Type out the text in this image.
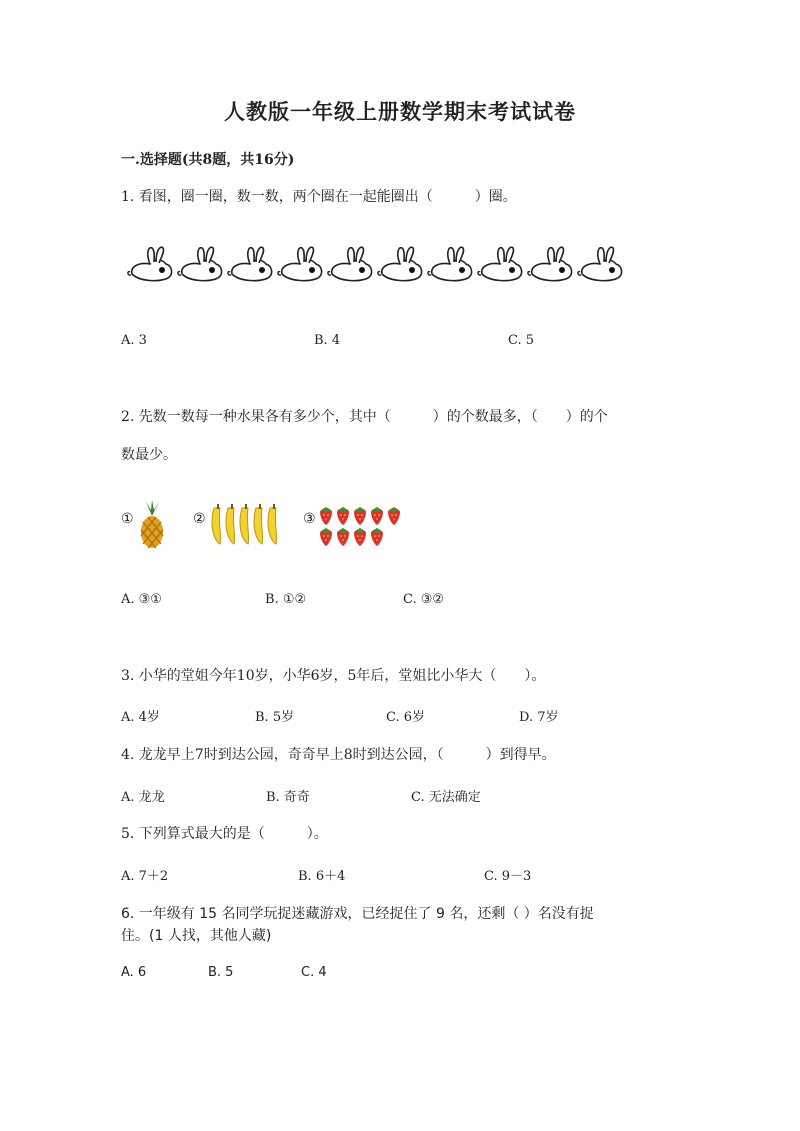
人教版一年级上册数学期末考试试卷
一.选择题(共8题，共16分)
1. 看图，圈一圈，数一数，两个圈在一起能圈出（　　　）圈。
A. 3	B. 4	C. 5
2. 先数一数每一种水果各有多少个，其中（　　　）的个数最多，（　　）的个
数最少。
①	②	③
A. ③①	B. ①②	C. ③②
3. 小华的堂姐今年10岁，小华6岁，5年后，堂姐比小华大（　　）。
A. 4岁	B. 5岁	C. 6岁	D. 7岁
4. 龙龙早上7时到达公园，奇奇早上8时到达公园，（　　　）到得早。
A. 龙龙	B. 奇奇	C. 无法确定
5. 下列算式最大的是（　　　）。
A. 7＋2	B. 6＋4	C. 9－3
6. 一年级有 15 名同学玩捉迷藏游戏，已经捉住了 9 名，还剩（ ）名没有捉
住。(1 人找，其他人藏)
A. 6	B. 5	C. 4
